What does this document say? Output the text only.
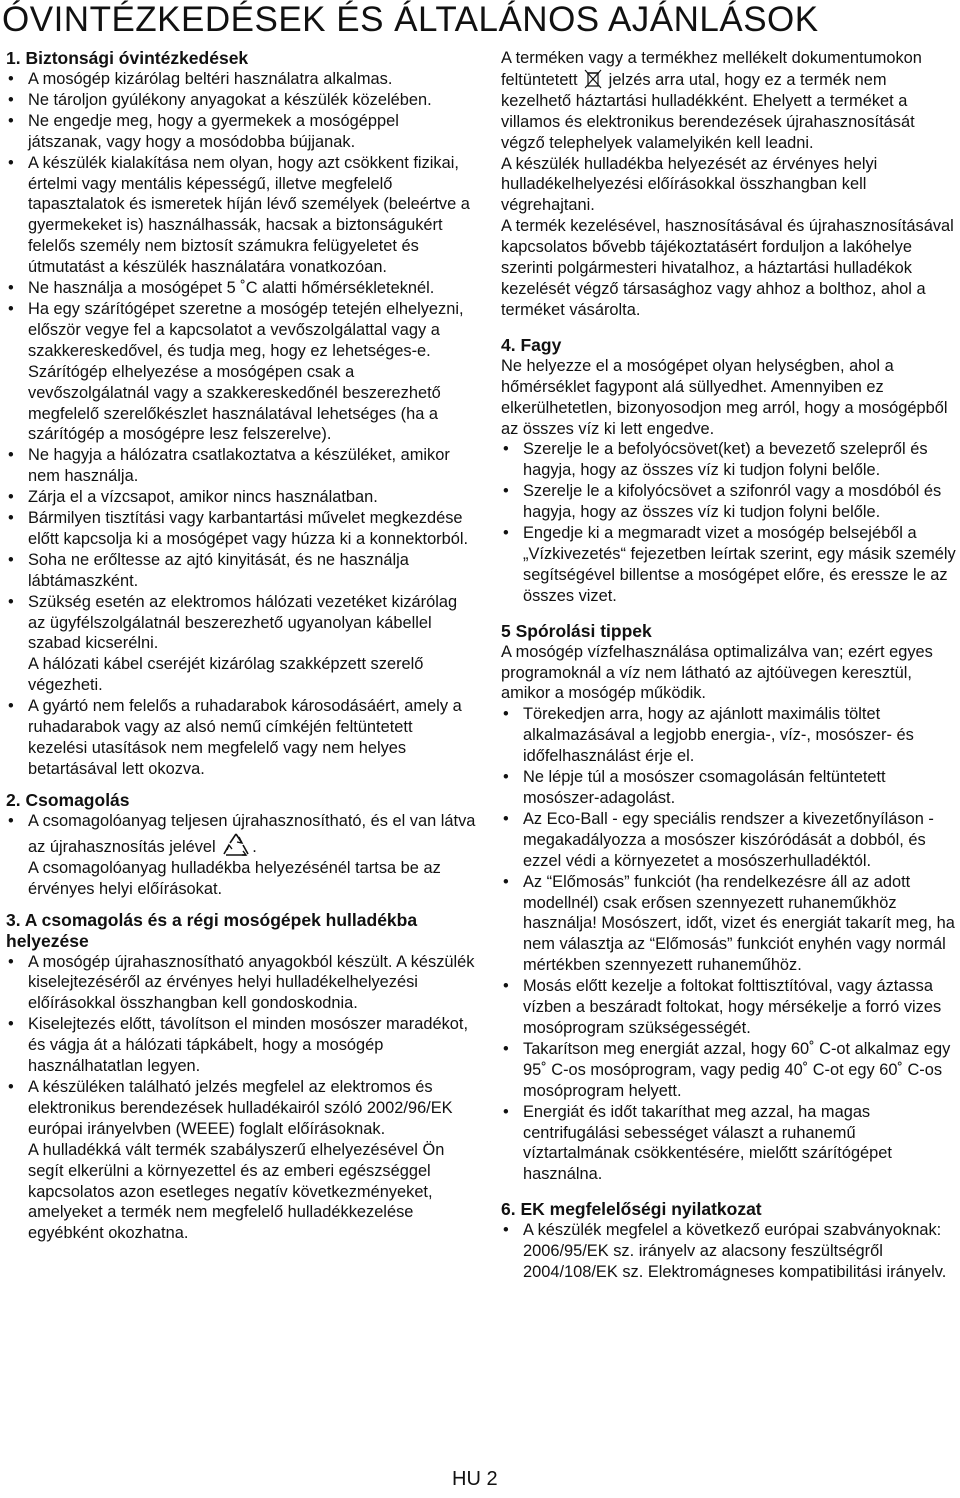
ÓVINTÉZKEDÉSEK ÉS ÁLTALÁNOS AJÁNLÁSOK
1. Biztonsági óvintézkedések
• A mosógép kizárólag beltéri használatra alkalmas.
• Ne tároljon gyúlékony anyagokat a készülék közelében.
• Ne engedje meg, hogy a gyermekek a mosógéppel játszanak, vagy hogy a mosódobba bújjanak.
• A készülék kialakítása nem olyan, hogy azt csökkent fizikai, értelmi vagy mentális képességű, illetve megfelelő tapasztalatok és ismeretek híján lévő személyek (beleértve a gyermekeket is) használhassák, hacsak a biztonságukért felelős személy nem biztosít számukra felügyeletet és útmutatást a készülék használatára vonatkozóan.
• Ne használja a mosógépet 5 ˚C alatti hőmérsékleteknél.
• Ha egy szárítógépet szeretne a mosógép tetején elhelyezni, először vegye fel a kapcsolatot a vevőszolgálattal vagy a szakkereskedővel, és tudja meg, hogy ez lehetséges-e.
Szárítógép elhelyezése a mosógépen csak a vevőszolgálatnál vagy a szakkereskedőnél beszerezhető megfelelő szerelőkészlet használatával lehetséges (ha a szárítógép a mosógépre lesz felszerelve).
• Ne hagyja a hálózatra csatlakoztatva a készüléket, amikor nem használja.
• Zárja el a vízcsapot, amikor nincs használatban.
• Bármilyen tisztítási vagy karbantartási művelet megkezdése előtt kapcsolja ki a mosógépet vagy húzza ki a konnektorból.
• Soha ne erőltesse az ajtó kinyitását, és ne használja lábtámaszként.
• Szükség esetén az elektromos hálózati vezetéket kizárólag az ügyfélszolgálatnál beszerezhető ugyanolyan kábellel szabad kicserélni.
A hálózati kábel cseréjét kizárólag szakképzett szerelő végezheti.
• A gyártó nem felelős a ruhadarabok károsodásáért, amely a ruhadarabok vagy az alsó nemű címkéjén feltüntetett kezelési utasítások nem megfelelő vagy nem helyes betartásával lett okozva.
2. Csomagolás
• A csomagolóanyag teljesen újrahasznosítható, és el van látva az újrahasznosítás jelével .
A csomagolóanyag hulladékba helyezésénél tartsa be az érvényes helyi előírásokat.
3. A csomagolás és a régi mosógépek hulladékba helyezése
• A mosógép újrahasznosítható anyagokból készült. A készülék kiselejtezéséről az érvényes helyi hulladékelhelyezési előírásokkal összhangban kell gondoskodnia.
• Kiselejtezés előtt, távolítson el minden mosószer maradékot, és vágja át a hálózati tápkábelt, hogy a mosógép használhatatlan legyen.
• A készüléken található jelzés megfelel az elektromos és elektronikus berendezések hulladékairól szóló 2002/96/EK európai irányelvben (WEEE) foglalt előírásoknak.
A hulladékká vált termék szabályszerű elhelyezésével Ön segít elkerülni a környezettel és az emberi egészséggel kapcsolatos azon esetleges negatív következményeket, amelyeket a termék nem megfelelő hulladékkezelése egyébként okozhatna.
A terméken vagy a termékhez mellékelt dokumentumokon feltüntetett jelzés arra utal, hogy ez a termék nem kezelhető háztartási hulladékként. Ehelyett a terméket a villamos és elektronikus berendezések újrahasznosítását végző telephelyek valamelyikén kell leadni.
A készülék hulladékba helyezését az érvényes helyi hulladékelhelyezési előírásokkal összhangban kell végrehajtani.
A termék kezelésével, hasznosításával és újrahasznosításával kapcsolatos bővebb tájékoztatásért forduljon a lakóhelye szerinti polgármesteri hivatalhoz, a háztartási hulladékok kezelését végző társasághoz vagy ahhoz a bolthoz, ahol a terméket vásárolta.
4. Fagy
Ne helyezze el a mosógépet olyan helységben, ahol a hőmérséklet fagypont alá süllyedhet. Amennyiben ez elkerülhetetlen, bizonyosodjon meg arról, hogy a mosógépből az összes víz ki lett engedve.
• Szerelje le a befolyócsövet(ket) a bevezető szelepről és hagyja, hogy az összes víz ki tudjon folyni belőle.
• Szerelje le a kifolyócsövet a szifonról vagy a mosdóból és hagyja, hogy az összes víz ki tudjon folyni belőle.
• Engedje ki a megmaradt vizet a mosógép belsejéből a „Vízkivezetés“ fejezetben leírtak szerint, egy másik személy segítségével billentse a mosógépet előre, és eressze le az összes vizet.
5 Spórolási tippek
A mosógép vízfelhasználása optimalizálva van; ezért egyes programoknál a víz nem látható az ajtóüvegen keresztül, amikor a mosógép működik.
• Törekedjen arra, hogy az ajánlott maximális töltet alkalmazásával a legjobb energia-, víz-, mosószer- és időfelhasználást érje el.
• Ne lépje túl a mosószer csomagolásán feltüntetett mosószer-adagolást.
• Az Eco-Ball - egy speciális rendszer a kivezetőnyíláson - megakadályozza a mosószer kiszóródását a dobból, és ezzel védi a környezetet a mosószerhulladéktól.
• Az “Előmosás” funkciót (ha rendelkezésre áll az adott modellnél) csak erősen szennyezett ruhaneműkhöz használja! Mosószert, időt, vizet és energiát takarít meg, ha nem választja az “Előmosás” funkciót enyhén vagy normál mértékben szennyezett ruhaneműhöz.
• Mosás előtt kezelje a foltokat folttisztítóval, vagy áztassa vízben a beszáradt foltokat, hogy mérsékelje a forró vizes mosóprogram szükségességét.
• Takarítson meg energiát azzal, hogy 60˚ C-ot alkalmaz egy 95˚ C-os mosóprogram, vagy pedig 40˚ C-ot egy 60˚ C-os mosóprogram helyett.
• Energiát és időt takaríthat meg azzal, ha magas centrifugálási sebességet választ a ruhanemű víztartalmának csökkentésére, mielőtt szárítógépet használna.
6. EK megfelelőségi nyilatkozat
• A készülék megfelel a következő európai szabványoknak:
2006/95/EK sz. irányelv az alacsony feszültségről
2004/108/EK sz. Elektromágneses kompatibilitási irányelv.
HU 2
